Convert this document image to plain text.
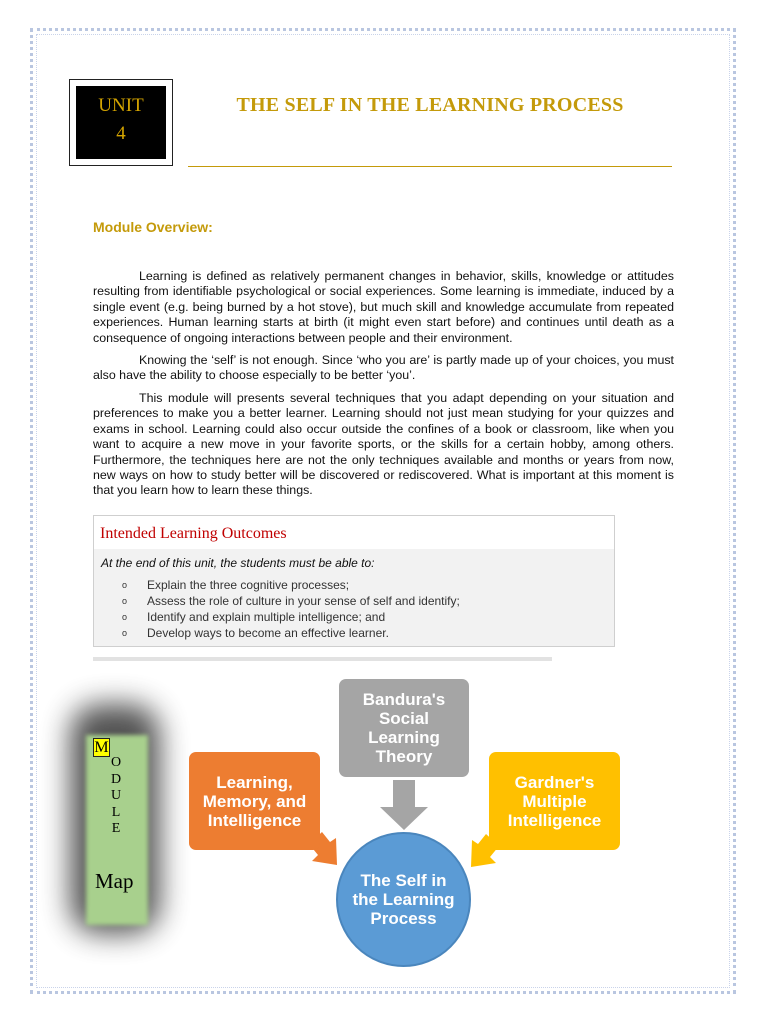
UNIT
4
THE SELF IN THE LEARNING PROCESS
Module Overview:

Learning is defined as relatively permanent changes in behavior, skills, knowledge or attitudes resulting from identifiable psychological or social experiences. Some learning is immediate, induced by a single event (e.g. being burned by a hot stove), but much skill and knowledge accumulate from repeated experiences. Human learning starts at birth (it might even start before) and continues until death as a consequence of ongoing interactions between people and their environment.

Knowing the ‘self’ is not enough. Since ‘who you are’ is partly made up of your choices, you must also have the ability to choose especially to be better ‘you’.

This module will presents several techniques that you adapt depending on your situation and preferences to make you a better learner. Learning should not just mean studying for your quizzes and exams in school. Learning could also occur outside the confines of a book or classroom, like when you want to acquire a new move in your favorite sports, or the skills for a certain hobby, among others. Furthermore, the techniques here are not the only techniques available and months or years from now, new ways on how to study better will be discovered or rediscovered. What is important at this moment is that you learn how to learn these things.

Intended Learning Outcomes
At the end of this unit, the students must be able to:
o Explain the three cognitive processes;
o Assess the role of culture in your sense of self and identify;
o Identify and explain multiple intelligence; and
o Develop ways to become an effective learner.
M
O
D
U
L
E
Map
Bandura's Social Learning Theory
Learning, Memory, and Intelligence
Gardner's Multiple Intelligence
The Self in the Learning Process
